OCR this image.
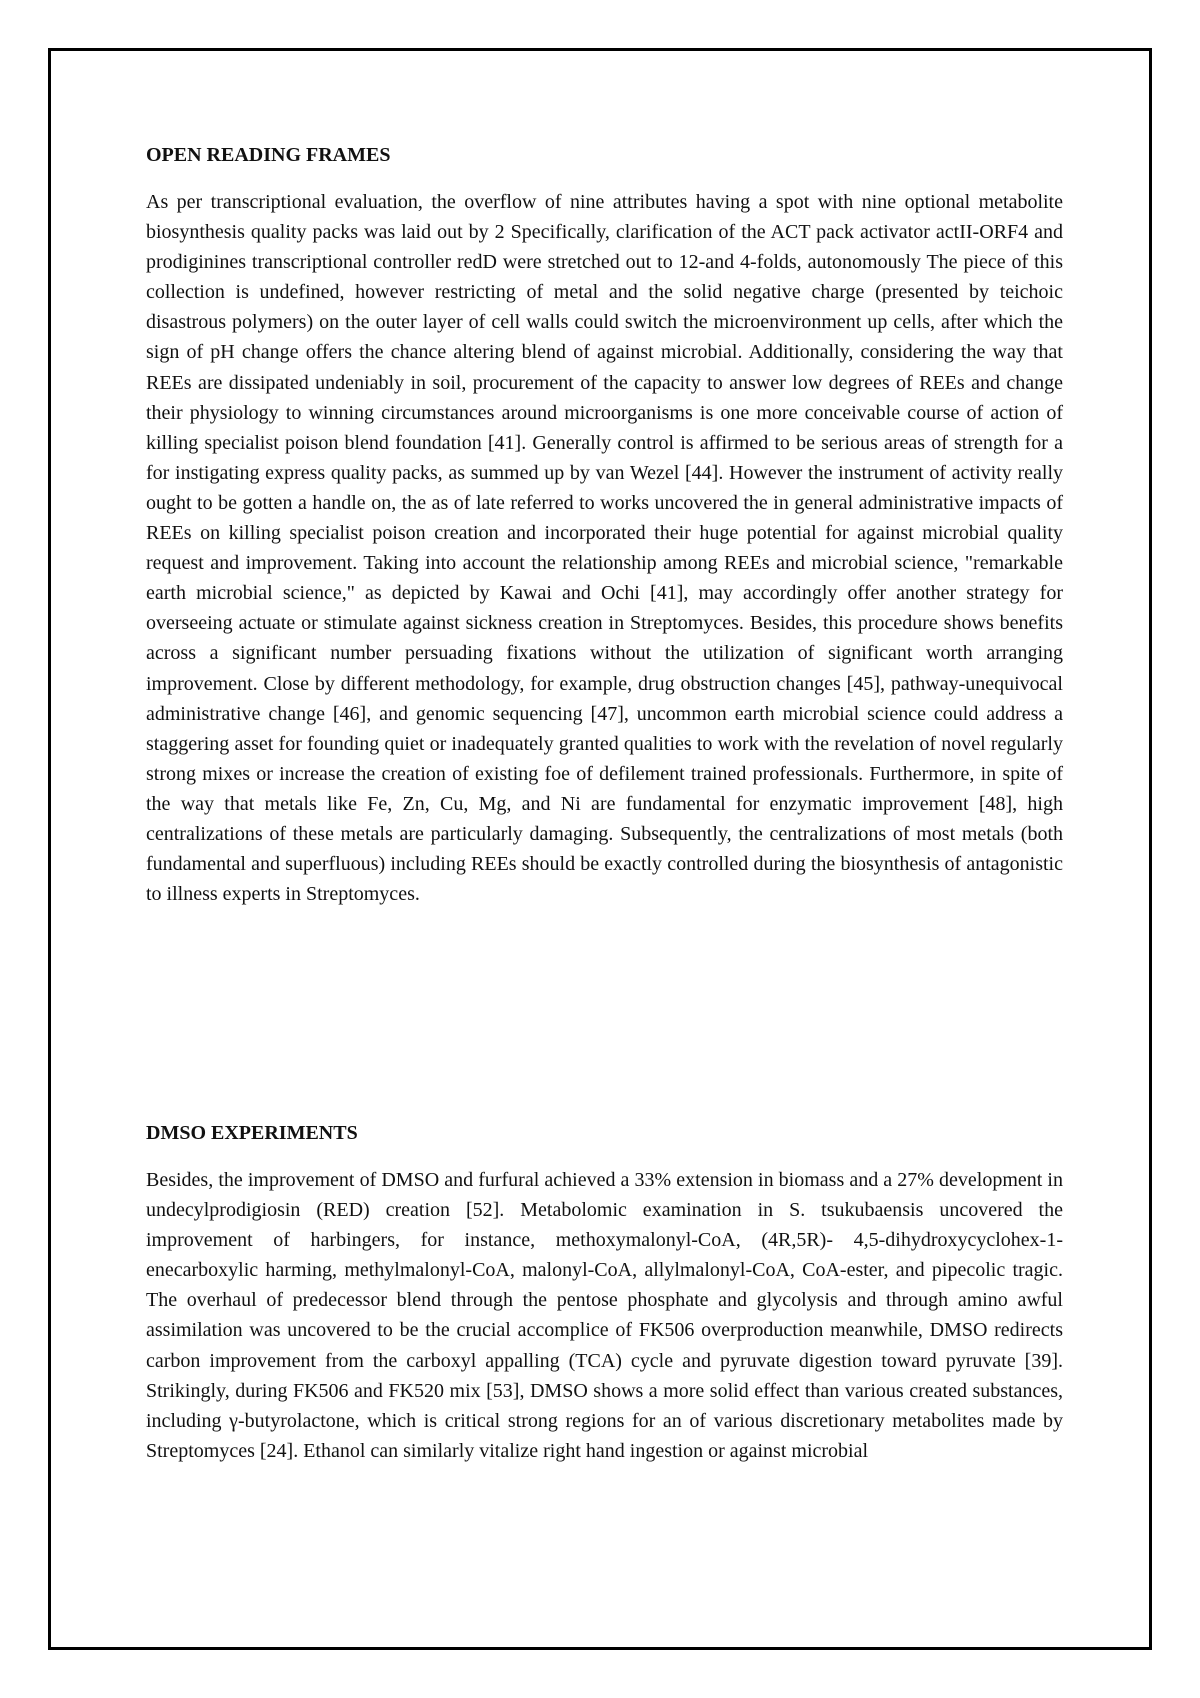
OPEN READING FRAMES

As per transcriptional evaluation, the overflow of nine attributes having a spot with nine optional metabolite biosynthesis quality packs was laid out by 2 Specifically, clarification of the ACT pack activator actII-ORF4 and prodiginines transcriptional controller redD were stretched out to 12-and 4-folds, autonomously The piece of this collection is undefined, however restricting of metal and the solid negative charge (presented by teichoic disastrous polymers) on the outer layer of cell walls could switch the microenvironment up cells, after which the sign of pH change offers the chance altering blend of against microbial. Additionally, considering the way that REEs are dissipated undeniably in soil, procurement of the capacity to answer low degrees of REEs and change their physiology to winning circumstances around microorganisms is one more conceivable course of action of killing specialist poison blend foundation [41]. Generally control is affirmed to be serious areas of strength for a for instigating express quality packs, as summed up by van Wezel [44]. However the instrument of activity really ought to be gotten a handle on, the as of late referred to works uncovered the in general administrative impacts of REEs on killing specialist poison creation and incorporated their huge potential for against microbial quality request and improvement. Taking into account the relationship among REEs and microbial science, "remarkable earth microbial science," as depicted by Kawai and Ochi [41], may accordingly offer another strategy for overseeing actuate or stimulate against sickness creation in Streptomyces. Besides, this procedure shows benefits across a significant number persuading fixations without the utilization of significant worth arranging improvement. Close by different methodology, for example, drug obstruction changes [45], pathway-unequivocal administrative change [46], and genomic sequencing [47], uncommon earth microbial science could address a staggering asset for founding quiet or inadequately granted qualities to work with the revelation of novel regularly strong mixes or increase the creation of existing foe of defilement trained professionals. Furthermore, in spite of the way that metals like Fe, Zn, Cu, Mg, and Ni are fundamental for enzymatic improvement [48], high centralizations of these metals are particularly damaging. Subsequently, the centralizations of most metals (both fundamental and superfluous) including REEs should be exactly controlled during the biosynthesis of antagonistic to illness experts in Streptomyces.

DMSO EXPERIMENTS

Besides, the improvement of DMSO and furfural achieved a 33% extension in biomass and a 27% development in undecylprodigiosin (RED) creation [52]. Metabolomic examination in S. tsukubaensis uncovered the improvement of harbingers, for instance, methoxymalonyl-CoA, (4R,5R)- 4,5-dihydroxycyclohex-1-enecarboxylic harming, methylmalonyl-CoA, malonyl-CoA, allylmalonyl-CoA, CoA-ester, and pipecolic tragic. The overhaul of predecessor blend through the pentose phosphate and glycolysis and through amino awful assimilation was uncovered to be the crucial accomplice of FK506 overproduction meanwhile, DMSO redirects carbon improvement from the carboxyl appalling (TCA) cycle and pyruvate digestion toward pyruvate [39]. Strikingly, during FK506 and FK520 mix [53], DMSO shows a more solid effect than various created substances, including γ-butyrolactone, which is critical strong regions for an of various discretionary metabolites made by Streptomyces [24]. Ethanol can similarly vitalize right hand ingestion or against microbial
